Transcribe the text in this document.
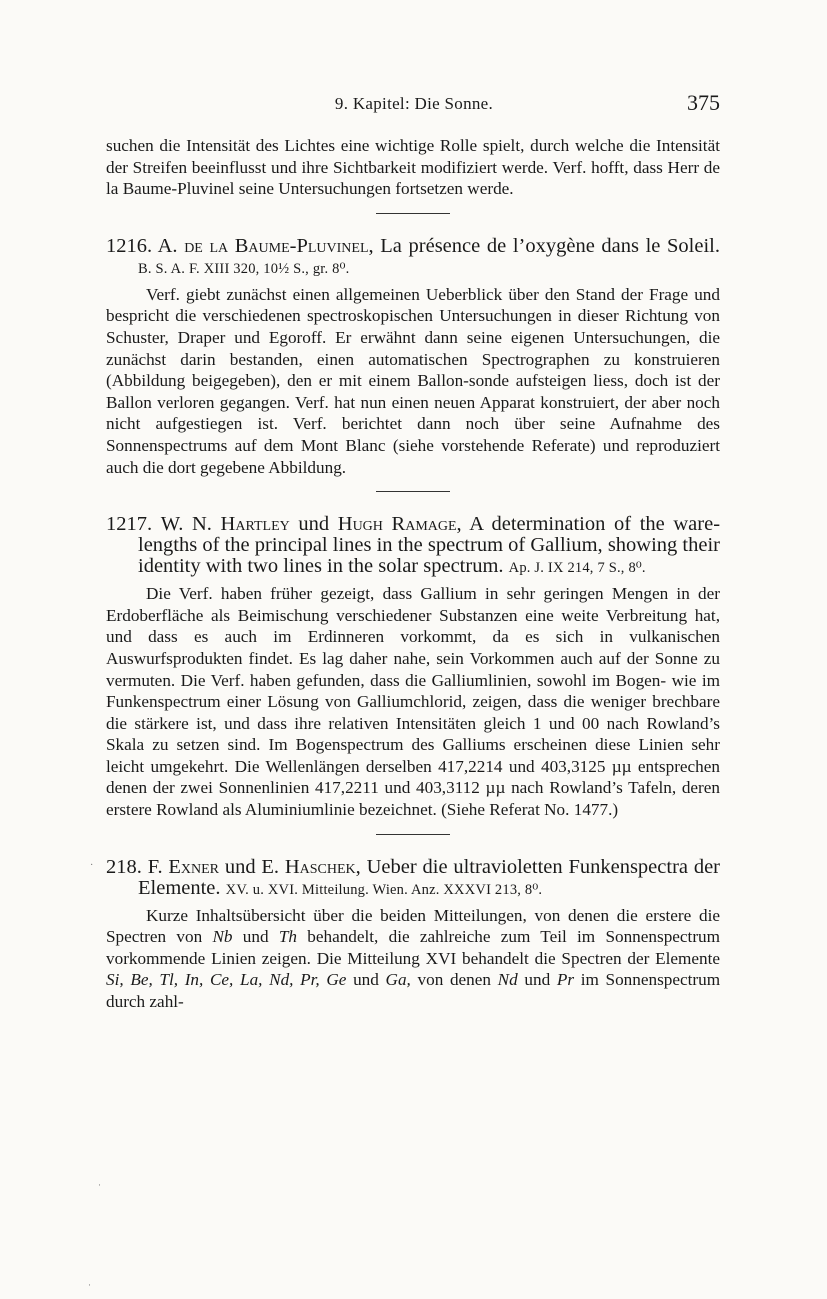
9. Kapitel: Die Sonne.	375

suchen die Intensität des Lichtes eine wichtige Rolle spielt, durch welche die Intensität der Streifen beeinflusst und ihre Sichtbarkeit modifiziert werde. Verf. hofft, dass Herr de la Baume-Pluvinel seine Untersuchungen fortsetzen werde.

1216. A. de la Baume-Pluvinel, La présence de l’oxygène dans le Soleil. B. S. A. F. XIII 320, 10½ S., gr. 8⁰.

Verf. giebt zunächst einen allgemeinen Ueberblick über den Stand der Frage und bespricht die verschiedenen spectroskopischen Untersuchungen in dieser Richtung von Schuster, Draper und Egoroff. Er erwähnt dann seine eigenen Untersuchungen, die zunächst darin bestanden, einen automatischen Spectrographen zu konstruieren (Abbildung beigegeben), den er mit einem Ballon-sonde aufsteigen liess, doch ist der Ballon verloren gegangen. Verf. hat nun einen neuen Apparat konstruiert, der aber noch nicht aufgestiegen ist. Verf. berichtet dann noch über seine Aufnahme des Sonnenspectrums auf dem Mont Blanc (siehe vorstehende Referate) und reproduziert auch die dort gegebene Abbildung.

1217. W. N. Hartley und Hugh Ramage, A determination of the ware-lengths of the principal lines in the spectrum of Gallium, showing their identity with two lines in the solar spectrum. Ap. J. IX 214, 7 S., 8⁰.

Die Verf. haben früher gezeigt, dass Gallium in sehr geringen Mengen in der Erdoberfläche als Beimischung verschiedener Substanzen eine weite Verbreitung hat, und dass es auch im Erdinneren vorkommt, da es sich in vulkanischen Auswurfsprodukten findet. Es lag daher nahe, sein Vorkommen auch auf der Sonne zu vermuten. Die Verf. haben gefunden, dass die Galliumlinien, sowohl im Bogen- wie im Funkenspectrum einer Lösung von Galliumchlorid, zeigen, dass die weniger brechbare die stärkere ist, und dass ihre relativen Intensitäten gleich 1 und 00 nach Rowland’s Skala zu setzen sind. Im Bogenspectrum des Galliums erscheinen diese Linien sehr leicht umgekehrt. Die Wellenlängen derselben 417,2214 und 403,3125 µµ entsprechen denen der zwei Sonnenlinien 417,2211 und 403,3112 µµ nach Rowland’s Tafeln, deren erstere Rowland als Aluminiumlinie bezeichnet. (Siehe Referat No. 1477.)

218. F. Exner und E. Haschek, Ueber die ultravioletten Funkenspectra der Elemente. XV. u. XVI. Mitteilung. Wien. Anz. XXXVI 213, 8⁰.

Kurze Inhaltsübersicht über die beiden Mitteilungen, von denen die erstere die Spectren von Nb und Th behandelt, die zahlreiche zum Teil im Sonnenspectrum vorkommende Linien zeigen. Die Mitteilung XVI behandelt die Spectren der Elemente Si, Be, Tl, In, Ce, La, Nd, Pr, Ge und Ga, von denen Nd und Pr im Sonnenspectrum durch zahl-

·
·
·
